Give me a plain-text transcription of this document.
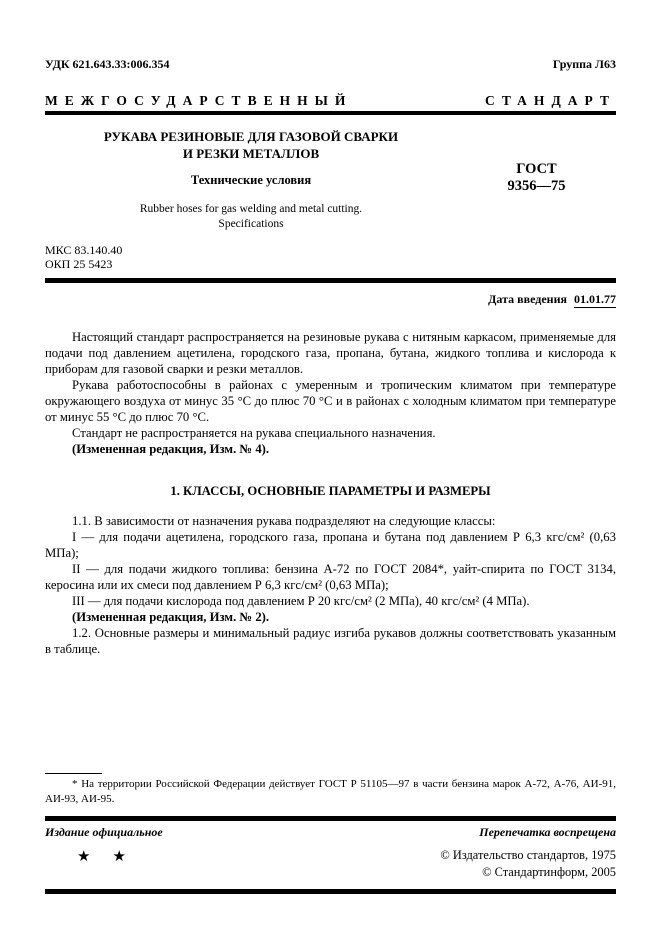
УДК 621.643.33:006.354	Группа Л63
МЕЖГОСУДАРСТВЕННЫЙ	СТАНДАРТ
РУКАВА РЕЗИНОВЫЕ ДЛЯ ГАЗОВОЙ СВАРКИ
И РЕЗКИ МЕТАЛЛОВ
Технические условия
Rubber hoses for gas welding and metal cutting.
Specifications
ГОСТ
9356—75
МКС 83.140.40
ОКП 25 5423
Дата введения 01.01.77

Настоящий стандарт распространяется на резиновые рукава с нитяным каркасом, применяемые для подачи под давлением ацетилена, городского газа, пропана, бутана, жидкого топлива и кислорода к приборам для газовой сварки и резки металлов.

Рукава работоспособны в районах с умеренным и тропическим климатом при температуре окружающего воздуха от минус 35 °С до плюс 70 °С и в районах с холодным климатом при температуре от минус 55 °С до плюс 70 °С.

Стандарт не распространяется на рукава специального назначения.

(Измененная редакция, Изм. № 4).

1. КЛАССЫ, ОСНОВНЫЕ ПАРАМЕТРЫ И РАЗМЕРЫ

1.1. В зависимости от назначения рукава подразделяют на следующие классы:

I — для подачи ацетилена, городского газа, пропана и бутана под давлением Р 6,3 кгс/см² (0,63 МПа);

II — для подачи жидкого топлива: бензина А-72 по ГОСТ 2084*, уайт-спирита по ГОСТ 3134, керосина или их смеси под давлением Р 6,3 кгс/см² (0,63 МПа);

III — для подачи кислорода под давлением Р 20 кгс/см² (2 МПа), 40 кгс/см² (4 МПа).

(Измененная редакция, Изм. № 2).

1.2. Основные размеры и минимальный радиус изгиба рукавов должны соответствовать указанным в таблице.

* На территории Российской Федерации действует ГОСТ Р 51105—97 в части бензина марок А-72, А-76, АИ-91, АИ-93, АИ-95.
Издание официальное	Перепечатка воспрещена
★ ★	© Издательство стандартов, 1975
© Стандартинформ, 2005
